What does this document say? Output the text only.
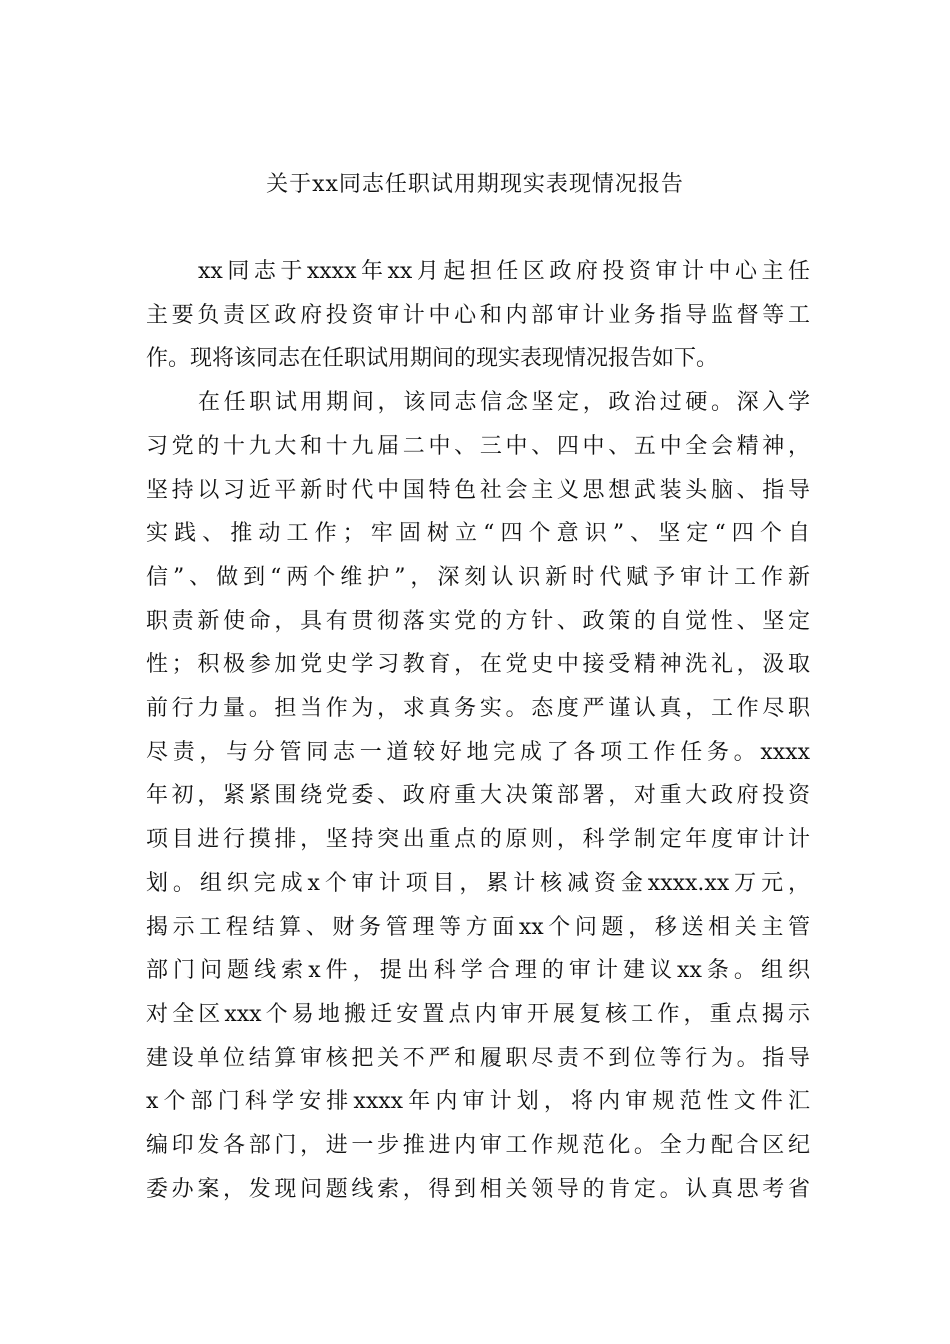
关于xx同志任职试用期现实表现情况报告
xx同志于xxxx年xx月起担任区政府投资审计中心主任
主要负责区政府投资审计中心和内部审计业务指导监督等工
作。现将该同志在任职试用期间的现实表现情况报告如下。
在任职试用期间，该同志信念坚定，政治过硬。深入学
习党的十九大和十九届二中、三中、四中、五中全会精神，
坚持以习近平新时代中国特色社会主义思想武装头脑、指导
实践、推动工作；牢固树立“四个意识”、坚定“四个自
信”、做到“两个维护”，深刻认识新时代赋予审计工作新
职责新使命，具有贯彻落实党的方针、政策的自觉性、坚定
性；积极参加党史学习教育，在党史中接受精神洗礼，汲取
前行力量。担当作为，求真务实。态度严谨认真，工作尽职
尽责，与分管同志一道较好地完成了各项工作任务。xxxx
年初，紧紧围绕党委、政府重大决策部署，对重大政府投资
项目进行摸排，坚持突出重点的原则，科学制定年度审计计
划。组织完成x个审计项目，累计核减资金xxxx.xx万元，
揭示工程结算、财务管理等方面xx个问题，移送相关主管
部门问题线索x件，提出科学合理的审计建议xx条。组织
对全区xxx个易地搬迁安置点内审开展复核工作，重点揭示
建设单位结算审核把关不严和履职尽责不到位等行为。指导
x个部门科学安排xxxx年内审计划，将内审规范性文件汇
编印发各部门，进一步推进内审工作规范化。全力配合区纪
委办案，发现问题线索，得到相关领导的肯定。认真思考省
